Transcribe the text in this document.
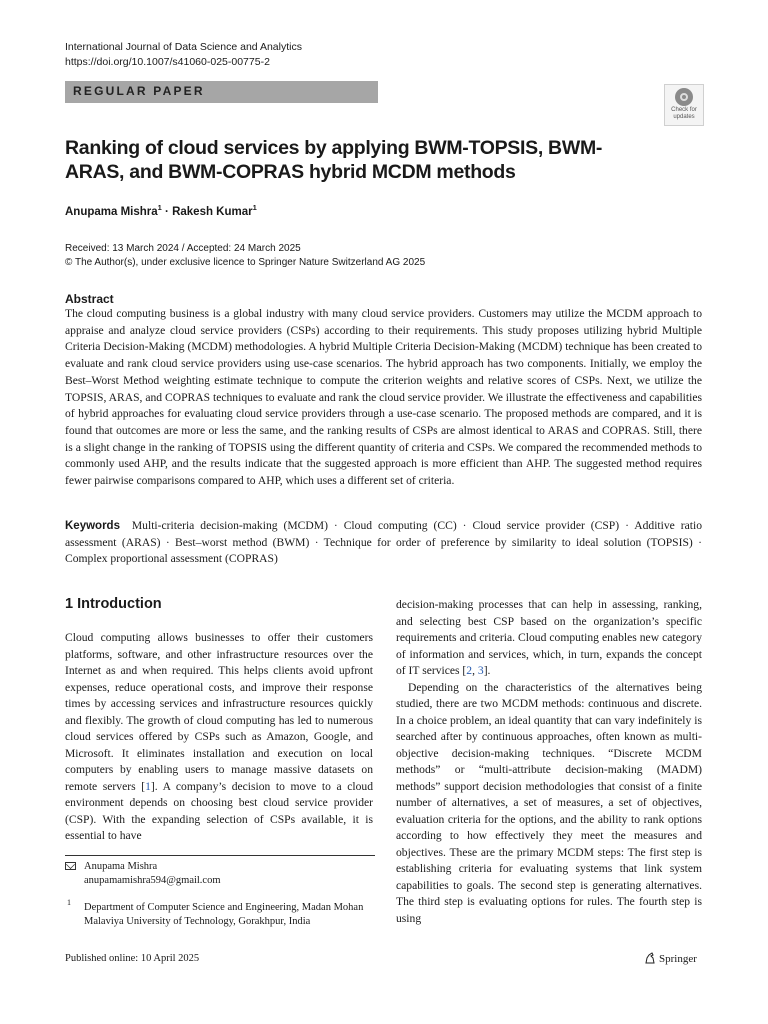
International Journal of Data Science and Analytics
https://doi.org/10.1007/s41060-025-00775-2
REGULAR PAPER
Check for
updates
Ranking of cloud services by applying BWM-TOPSIS, BWM-ARAS, and BWM-COPRAS hybrid MCDM methods
Anupama Mishra$^1$ · Rakesh Kumar$^1$
Received: 13 March 2024 / Accepted: 24 March 2025
© The Author(s), under exclusive licence to Springer Nature Switzerland AG 2025
Abstract
The cloud computing business is a global industry with many cloud service providers. Customers may utilize the MCDM approach to appraise and analyze cloud service providers (CSPs) according to their requirements. This study proposes utilizing hybrid Multiple Criteria Decision-Making (MCDM) methodologies. A hybrid Multiple Criteria Decision-Making (MCDM) technique has been created to evaluate and rank cloud service providers using use-case scenarios. The hybrid approach has two components. Initially, we employ the Best–Worst Method weighting estimate technique to compute the criterion weights and relative scores of CSPs. Next, we utilize the TOPSIS, ARAS, and COPRAS techniques to evaluate and rank the cloud service provider. We illustrate the effectiveness and capabilities of hybrid approaches for evaluating cloud service providers through a use-case scenario. The proposed methods are compared, and it is found that outcomes are more or less the same, and the ranking results of CSPs are almost identical to ARAS and COPRAS. Still, there is a slight change in the ranking of TOPSIS using the different quantity of criteria and CSPs. We compared the recommended methods to commonly used AHP, and the results indicate that the suggested approach is more efficient than AHP. The suggested method requires fewer pairwise comparisons compared to AHP, which uses a different set of criteria.
Keywords Multi-criteria decision-making (MCDM) · Cloud computing (CC) · Cloud service provider (CSP) · Additive ratio assessment (ARAS) · Best–worst method (BWM) · Technique for order of preference by similarity to ideal solution (TOPSIS) · Complex proportional assessment (COPRAS)
1 Introduction
Cloud computing allows businesses to offer their customers platforms, software, and other infrastructure resources over the Internet as and when required. This helps clients avoid upfront expenses, reduce operational costs, and improve their response times by accessing services and infrastructure resources quickly and flexibly. The growth of cloud computing has led to numerous cloud services offered by CSPs such as Amazon, Google, and Microsoft. It eliminates installation and execution on local computers by enabling users to manage massive datasets on remote servers [1]. A company’s decision to move to a cloud environment depends on choosing best cloud service provider (CSP). With the expanding selection of CSPs available, it is essential to have

decision-making processes that can help in assessing, ranking, and selecting best CSP based on the organization’s specific requirements and criteria. Cloud computing enables new category of information and services, which, in turn, expands the concept of IT services [2, 3].

Depending on the characteristics of the alternatives being studied, there are two MCDM methods: continuous and discrete. In a choice problem, an ideal quantity that can vary indefinitely is searched after by continuous approaches, often known as multi-objective decision-making techniques. “Discrete MCDM methods” or “multi-attribute decision-making (MADM) methods” support decision methodologies that consist of a finite number of alternatives, a set of measures, a set of objectives, evaluation criteria for the options, and the ability to rank options according to how effectively they meet the measures and objectives. These are the primary MCDM steps: The first step is establishing criteria for evaluating systems that link system capabilities to goals. The second step is generating alternatives. The third step is evaluating options for rules. The fourth step is using

Anupama Mishra
anupamamishra594@gmail.com
1 Department of Computer Science and Engineering, Madan Mohan Malaviya University of Technology, Gorakhpur, India
Published online: 10 April 2025	Springer
